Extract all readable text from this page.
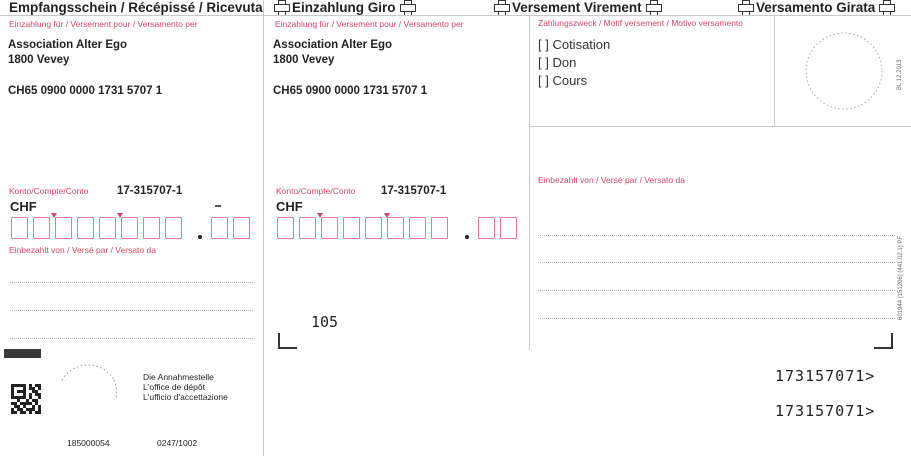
Empfangsschein / Récépissé / Ricevuta	Einzahlung Giro	Versement Virement	Versamento Girata
Einzahlung für / Versement pour / Versamento per
Association Alter Ego
1800 Vevey
CH65 0900 0000 1731 5707 1
Konto/Compte/Conto 17-315707-1
CHF
Einbezahlt von / Versé par / Versato da
Die Annahmestelle
L'office de dépôt
L'ufficio d'accettazione
185000054	0247/1002
Einzahlung für / Versement pour / Versamento per
Association Alter Ego
1800 Vevey
CH65 0900 0000 1731 5707 1
Konto/Compte/Conto 17-315707-1
CHF
105
Zahlungszweck / Motif versement / Motivo versamento
[ ] Cotisation
[ ] Don
[ ] Cours	BL 12.2013
Einbezahlt von / Versé par / Versato da
601944 (151206) (441.02.1) PF
173157071>
173157071>
